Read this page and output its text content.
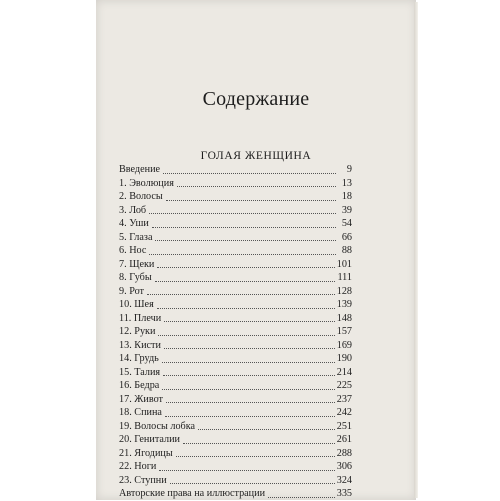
Содержание
ГОЛАЯ ЖЕНЩИНА
Введение	9
1. Эволюция	13
2. Волосы	18
3. Лоб	39
4. Уши	54
5. Глаза	66
6. Нос	88
7. Щеки	101
8. Губы	111
9. Рот	128
10. Шея	139
11. Плечи	148
12. Руки	157
13. Кисти	169
14. Грудь	190
15. Талия	214
16. Бедра	225
17. Живот	237
18. Спина	242
19. Волосы лобка	251
20. Гениталии	261
21. Ягодицы	288
22. Ноги	306
23. Ступни	324
Авторские права на иллюстрации	335
